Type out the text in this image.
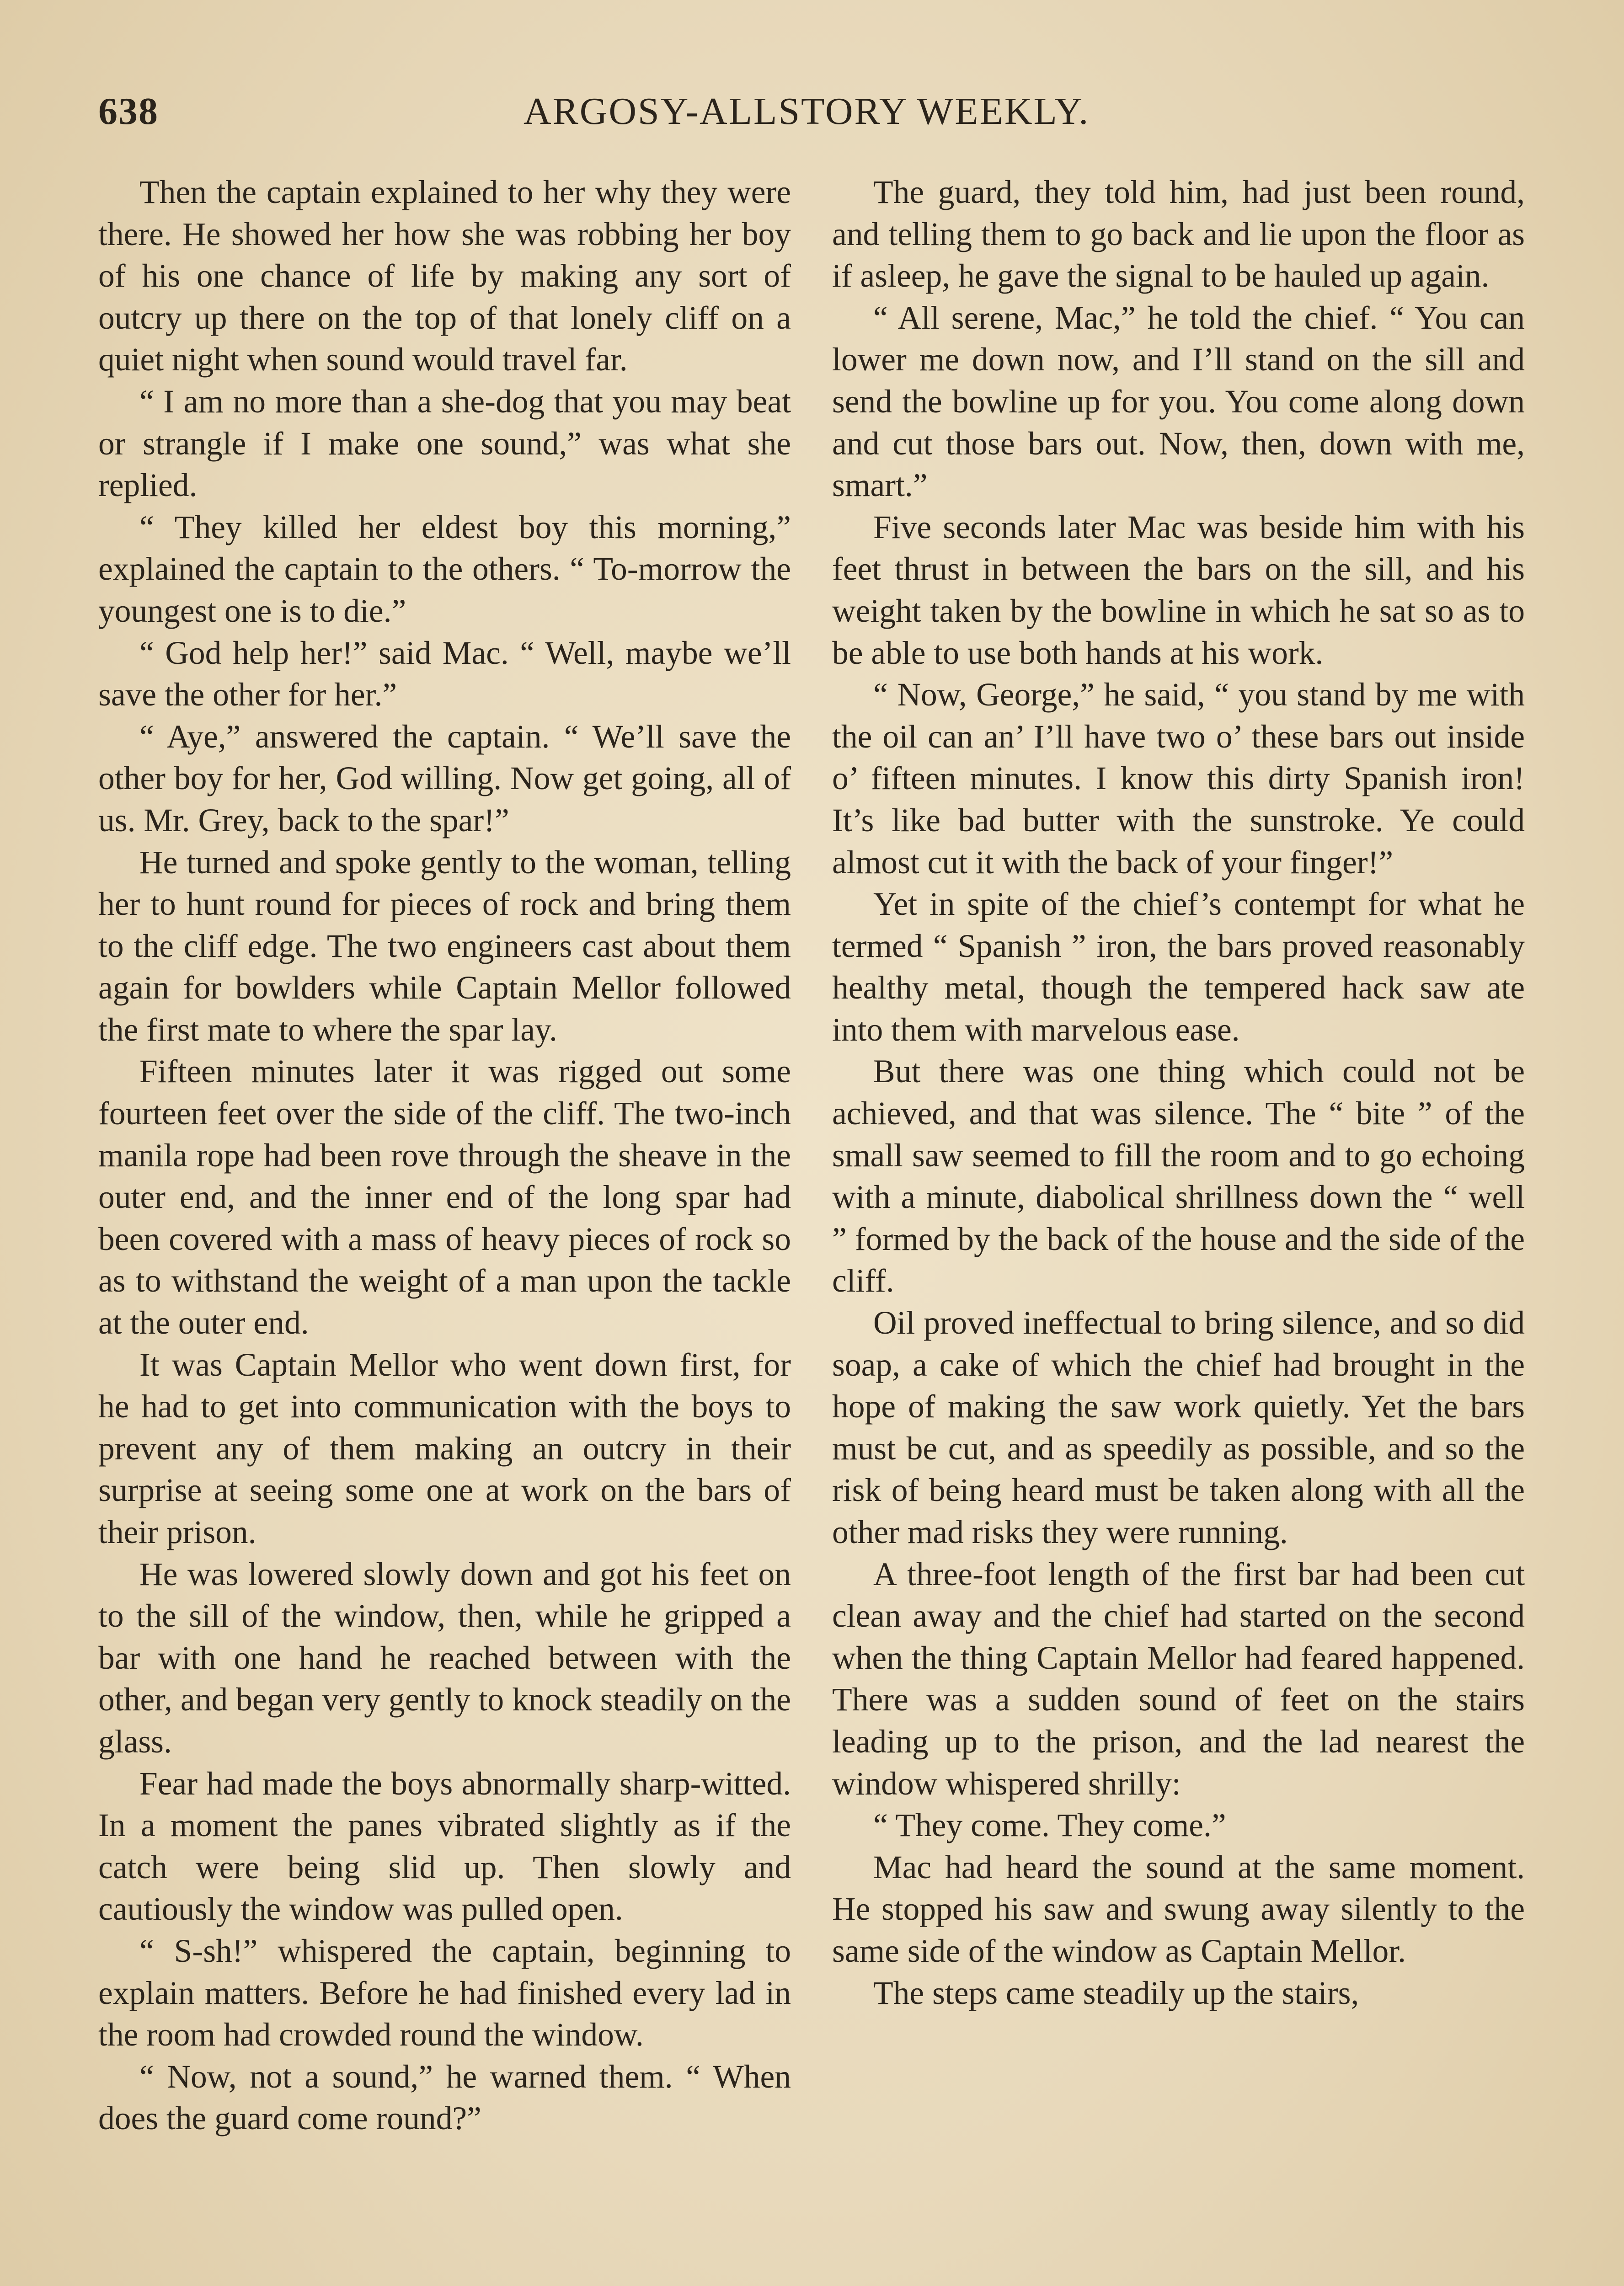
638	ARGOSY-ALLSTORY WEEKLY.

Then the captain explained to her why they were there. He showed her how she was robbing her boy of his one chance of life by making any sort of outcry up there on the top of that lonely cliff on a quiet night when sound would travel far.

“ I am no more than a she-dog that you may beat or strangle if I make one sound,” was what she replied.

“ They killed her eldest boy this morning,” explained the captain to the others. “ To-morrow the youngest one is to die.”

“ God help her!” said Mac. “ Well, maybe we’ll save the other for her.”

“ Aye,” answered the captain. “ We’ll save the other boy for her, God willing. Now get going, all of us. Mr. Grey, back to the spar!”

He turned and spoke gently to the woman, telling her to hunt round for pieces of rock and bring them to the cliff edge. The two engineers cast about them again for bowlders while Captain Mellor followed the first mate to where the spar lay.

Fifteen minutes later it was rigged out some fourteen feet over the side of the cliff. The two-inch manila rope had been rove through the sheave in the outer end, and the inner end of the long spar had been covered with a mass of heavy pieces of rock so as to withstand the weight of a man upon the tackle at the outer end.

It was Captain Mellor who went down first, for he had to get into communication with the boys to prevent any of them making an outcry in their surprise at seeing some one at work on the bars of their prison.

He was lowered slowly down and got his feet on to the sill of the window, then, while he gripped a bar with one hand he reached between with the other, and began very gently to knock steadily on the glass.

Fear had made the boys abnormally sharp-witted. In a moment the panes vibrated slightly as if the catch were being slid up. Then slowly and cautiously the window was pulled open.

“ S-sh!” whispered the captain, beginning to explain matters. Before he had finished every lad in the room had crowded round the window.

“ Now, not a sound,” he warned them. “ When does the guard come round?”

The guard, they told him, had just been round, and telling them to go back and lie upon the floor as if asleep, he gave the signal to be hauled up again.

“ All serene, Mac,” he told the chief. “ You can lower me down now, and I’ll stand on the sill and send the bowline up for you. You come along down and cut those bars out. Now, then, down with me, smart.”

Five seconds later Mac was beside him with his feet thrust in between the bars on the sill, and his weight taken by the bowline in which he sat so as to be able to use both hands at his work.

“ Now, George,” he said, “ you stand by me with the oil can an’ I’ll have two o’ these bars out inside o’ fifteen minutes. I know this dirty Spanish iron! It’s like bad butter with the sunstroke. Ye could almost cut it with the back of your finger!”

Yet in spite of the chief’s contempt for what he termed “ Spanish ” iron, the bars proved reasonably healthy metal, though the tempered hack saw ate into them with marvelous ease.

But there was one thing which could not be achieved, and that was silence. The “ bite ” of the small saw seemed to fill the room and to go echoing with a minute, diabolical shrillness down the “ well ” formed by the back of the house and the side of the cliff.

Oil proved ineffectual to bring silence, and so did soap, a cake of which the chief had brought in the hope of making the saw work quietly. Yet the bars must be cut, and as speedily as possible, and so the risk of being heard must be taken along with all the other mad risks they were running.

A three-foot length of the first bar had been cut clean away and the chief had started on the second when the thing Captain Mellor had feared happened. There was a sudden sound of feet on the stairs leading up to the prison, and the lad nearest the window whispered shrilly:

“ They come. They come.”

Mac had heard the sound at the same moment. He stopped his saw and swung away silently to the same side of the window as Captain Mellor.

The steps came steadily up the stairs,
